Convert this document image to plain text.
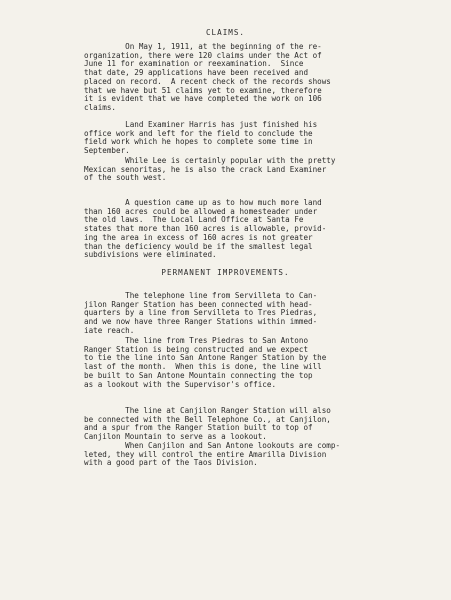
CLAIMS.

On May 1, 1911, at the beginning of the re-
organization, there were 120 claims under the Act of
June 11 for examination or reexamination.  Since
that date, 29 applications have been received and
placed on record.  A recent check of the records shows
that we have but 51 claims yet to examine, therefore
it is evident that we have completed the work on 106
claims.

Land Examiner Harris has just finished his
office work and left for the field to conclude the
field work which he hopes to complete some time in
September.

While Lee is certainly popular with the pretty
Mexican senoritas, he is also the crack Land Examiner
of the south west.

A question came up as to how much more land
than 160 acres could be allowed a homesteader under
the old laws.  The Local Land Office at Santa Fe
states that more than 160 acres is allowable, provid-
ing the area in excess of 160 acres is not greater
than the deficiency would be if the smallest legal
subdivisions were eliminated.

PERMANENT IMPROVEMENTS.

The telephone line from Servilleta to Can-
jilon Ranger Station has been connected with head-
quarters by a line from Servilleta to Tres Piedras,
and we now have three Ranger Stations within immed-
iate reach.

The line from Tres Piedras to San Antono
Ranger Station is being constructed and we expect
to tie the line into San Antone Ranger Station by the
last of the month.  When this is done, the line will
be built to San Antone Mountain connecting the top
as a lookout with the Supervisor's office.

The line at Canjilon Ranger Station will also
be connected with the Bell Telephone Co., at Canjilon,
and a spur from the Ranger Station built to top of
Canjilon Mountain to serve as a lookout.

When Canjilon and San Antone lookouts are comp-
leted, they will control the entire Amarilla Division
with a good part of the Taos Division.
